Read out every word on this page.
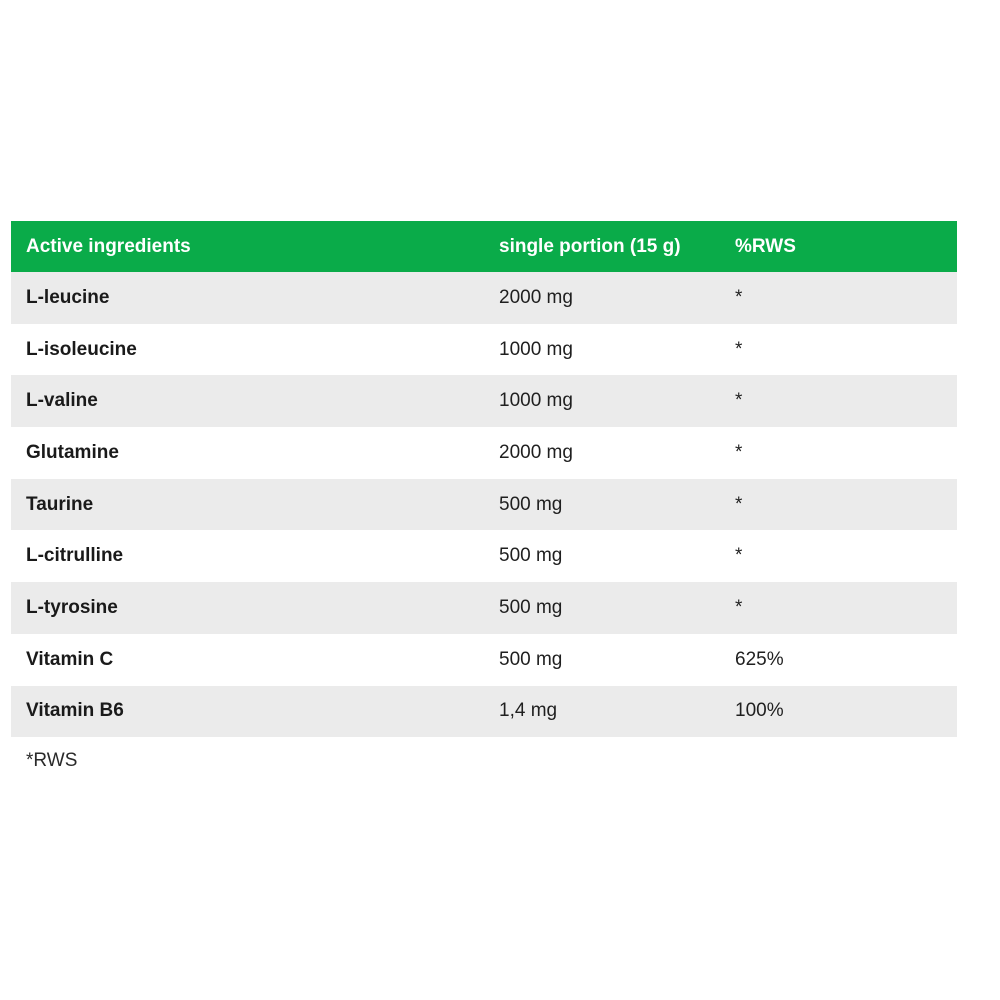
Active ingredients	single portion (15 g)	%RWS
L-leucine	2000 mg	*
L-isoleucine	1000 mg	*
L-valine	1000 mg	*
Glutamine	2000 mg	*
Taurine	500 mg	*
L-citrulline	500 mg	*
L-tyrosine	500 mg	*
Vitamin C	500 mg	625%
Vitamin B6	1,4 mg	100%
*RWS
